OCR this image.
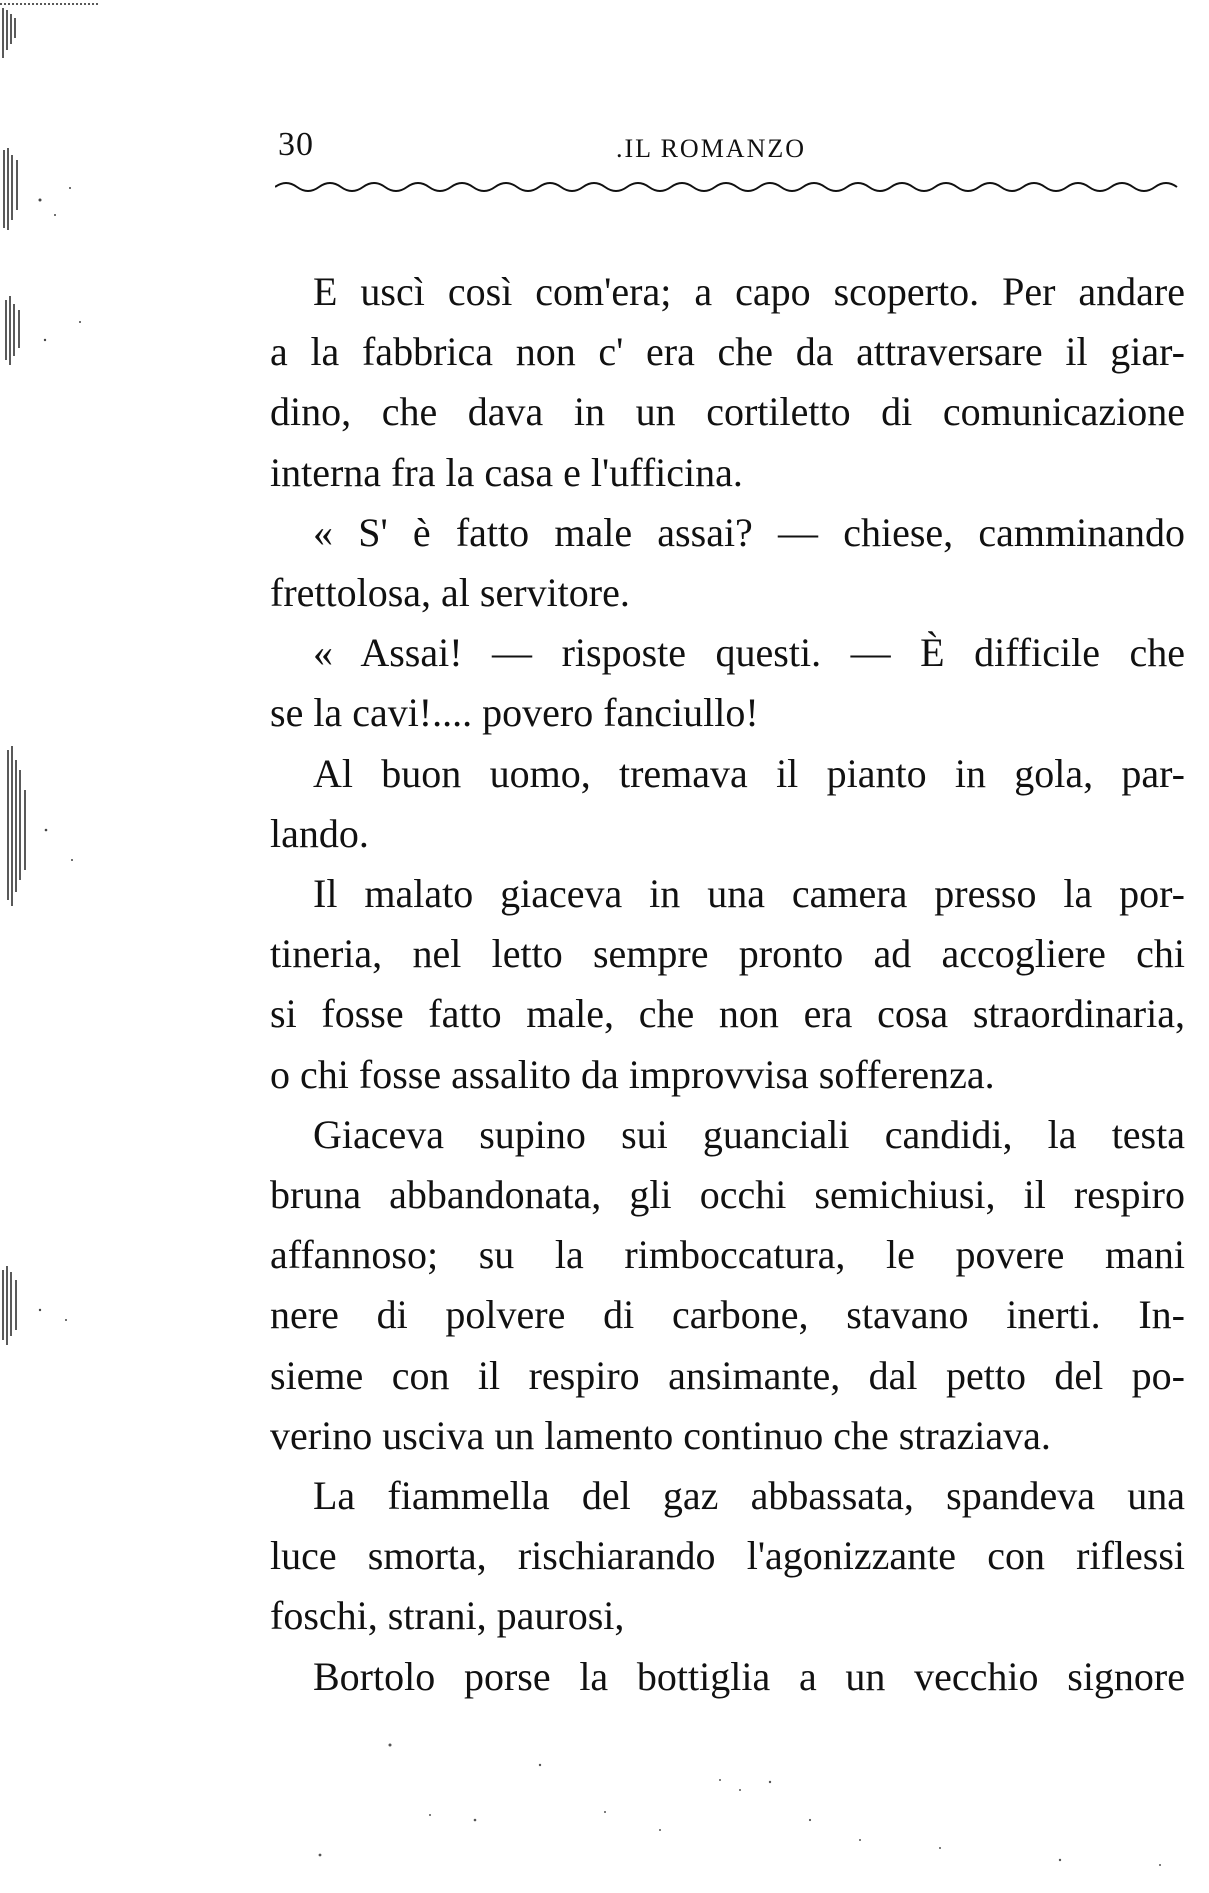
30	.IL ROMANZO

E uscì così com'era; a capo scoperto. Per andare
a la fabbrica non c' era che da attraversare il giar-
dino, che dava in un cortiletto di comunicazione
interna fra la casa e l'ufficina.

« S' è fatto male assai? — chiese, camminando
frettolosa, al servitore.

« Assai! — risposte questi. — È difficile che
se la cavi!.... povero fanciullo!

Al buon uomo, tremava il pianto in gola, par-
lando.

Il malato giaceva in una camera presso la por-
tineria, nel letto sempre pronto ad accogliere chi
si fosse fatto male, che non era cosa straordinaria,
o chi fosse assalito da improvvisa sofferenza.

Giaceva supino sui guanciali candidi, la testa
bruna abbandonata, gli occhi semichiusi, il respiro
affannoso; su la rimboccatura, le povere mani
nere di polvere di carbone, stavano inerti. In-
sieme con il respiro ansimante, dal petto del po-
verino usciva un lamento continuo che straziava.

La fiammella del gaz abbassata, spandeva una
luce smorta, rischiarando l'agonizzante con riflessi
foschi, strani, paurosi,

Bortolo porse la bottiglia a un vecchio signore
